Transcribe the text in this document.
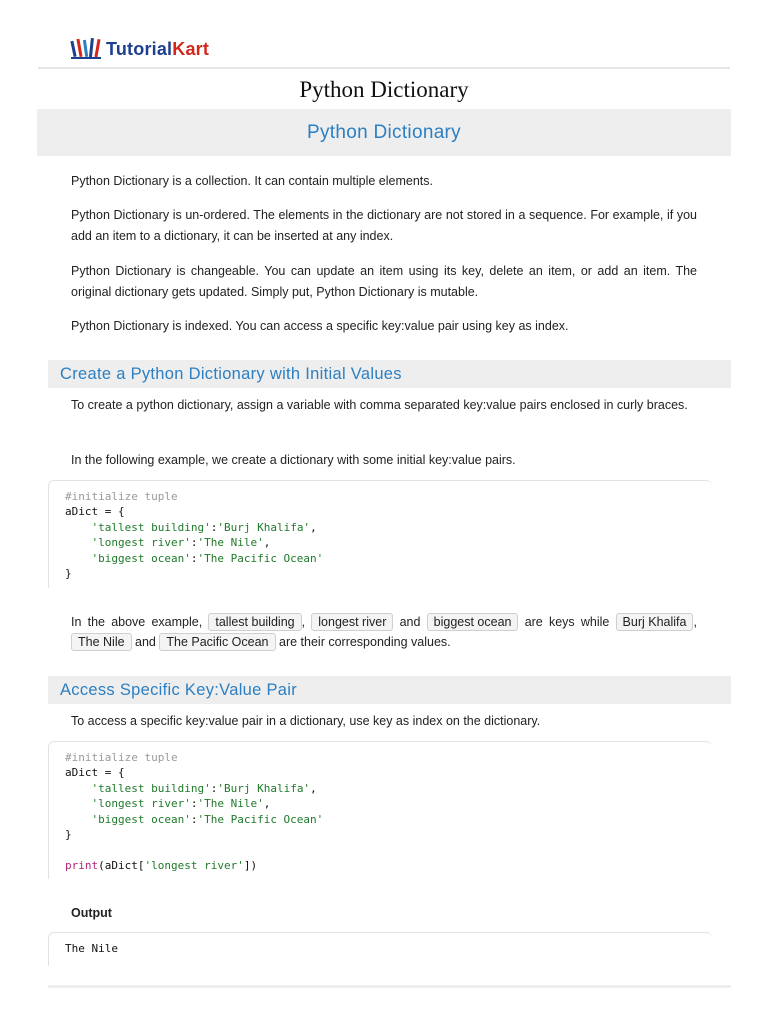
TutorialKart
Python Dictionary
Python Dictionary

Python Dictionary is a collection. It can contain multiple elements.

Python Dictionary is un-ordered. The elements in the dictionary are not stored in a sequence. For example, if you add an item to a dictionary, it can be inserted at any index.

Python Dictionary is changeable. You can update an item using its key, delete an item, or add an item. The original dictionary gets updated. Simply put, Python Dictionary is mutable.

Python Dictionary is indexed. You can access a specific key:value pair using key as index.

Create a Python Dictionary with Initial Values

To create a python dictionary, assign a variable with comma separated key:value pairs enclosed in curly braces.

In the following example, we create a dictionary with some initial key:value pairs.

#initialize tuple
aDict = {
'tallest building':'Burj Khalifa',
'longest river':'The Nile',
'biggest ocean':'The Pacific Ocean'
}

In the above example, tallest building , longest river and biggest ocean are keys while Burj Khalifa , The Nile and The Pacific Ocean are their corresponding values.

Access Specific Key:Value Pair

To access a specific key:value pair in a dictionary, use key as index on the dictionary.

#initialize tuple
aDict = {
'tallest building':'Burj Khalifa',
'longest river':'The Nile',
'biggest ocean':'The Pacific Ocean'
}

print(aDict['longest river'])
Output
The Nile
